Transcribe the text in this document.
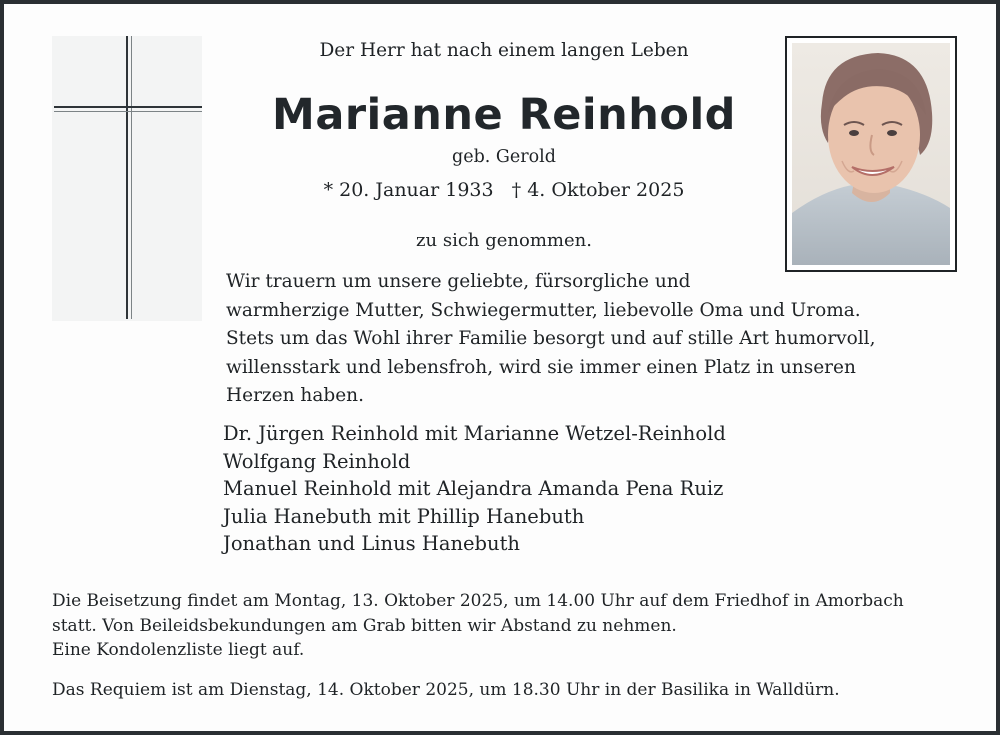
Der Herr hat nach einem langen Leben
Marianne Reinhold
geb. Gerold
* 20. Januar 1933 † 4. Oktober 2025
zu sich genommen.
Wir trauern um unsere geliebte, fürsorgliche und
warmherzige Mutter, Schwiegermutter, liebevolle Oma und Uroma.
Stets um das Wohl ihrer Familie besorgt und auf stille Art humorvoll,
willensstark und lebensfroh, wird sie immer einen Platz in unseren
Herzen haben.
Dr. Jürgen Reinhold mit Marianne Wetzel-Reinhold
Wolfgang Reinhold
Manuel Reinhold mit Alejandra Amanda Pena Ruiz
Julia Hanebuth mit Phillip Hanebuth
Jonathan und Linus Hanebuth
Die Beisetzung findet am Montag, 13. Oktober 2025, um 14.00 Uhr auf dem Friedhof in Amorbach
statt. Von Beileidsbekundungen am Grab bitten wir Abstand zu nehmen.
Eine Kondolenzliste liegt auf.
Das Requiem ist am Dienstag, 14. Oktober 2025, um 18.30 Uhr in der Basilika in Walldürn.
